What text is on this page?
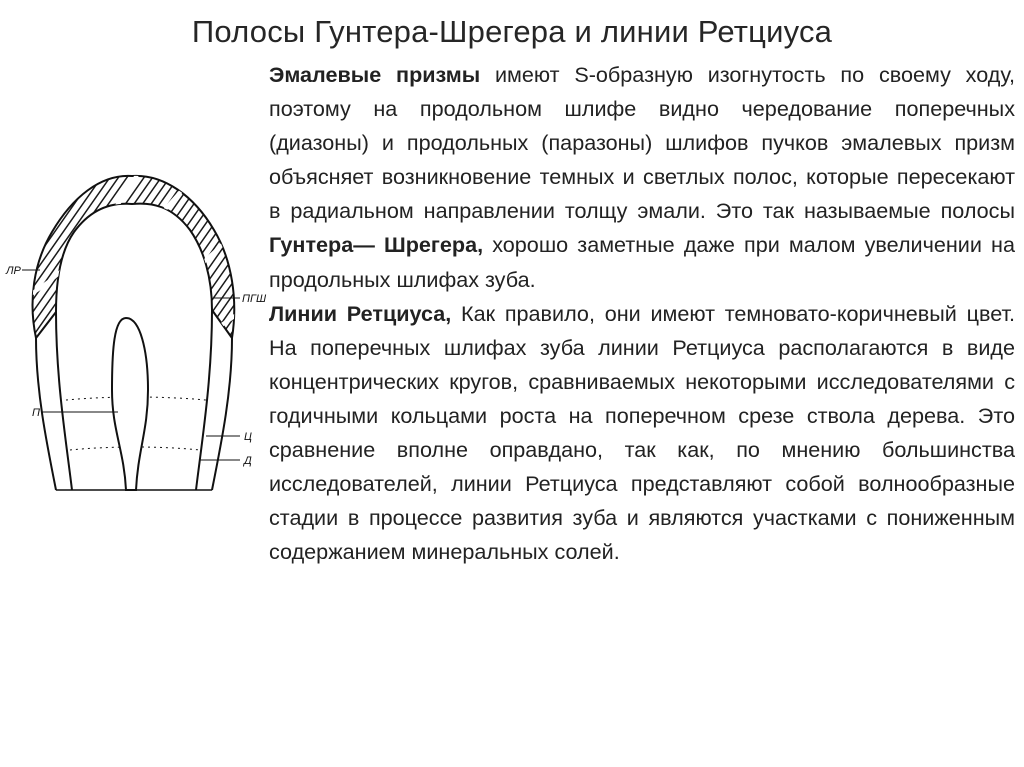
Полосы Гунтера-Шрегера и линии Ретциуса
ЛР
ПГШ
П
Ц
Д

Эмалевые призмы имеют S-образную изогнутость по своему ходу, поэтому на продольном шлифе видно чередование поперечных (диазоны) и продольных (паразоны) шлифов пучков эмалевых призм объясняет возникновение темных и светлых полос, которые пересекают в радиальном направлении толщу эмали. Это так называемые полосы Гунтера— Шрегера, хорошо заметные даже при малом увеличении на продольных шлифах зуба.

Линии Ретциуса, Как правило, они имеют темновато-коричневый цвет. На поперечных шлифах зуба линии Ретциуса располагаются в виде концентрических кругов, сравниваемых некоторыми исследователями с годичными кольцами роста на поперечном срезе ствола дерева. Это сравнение вполне оправдано, так как, по мнению большинства исследователей, линии Ретциуса представляют собой волнообразные стадии в процессе развития зуба и являются участками с пониженным содержанием минеральных солей.
